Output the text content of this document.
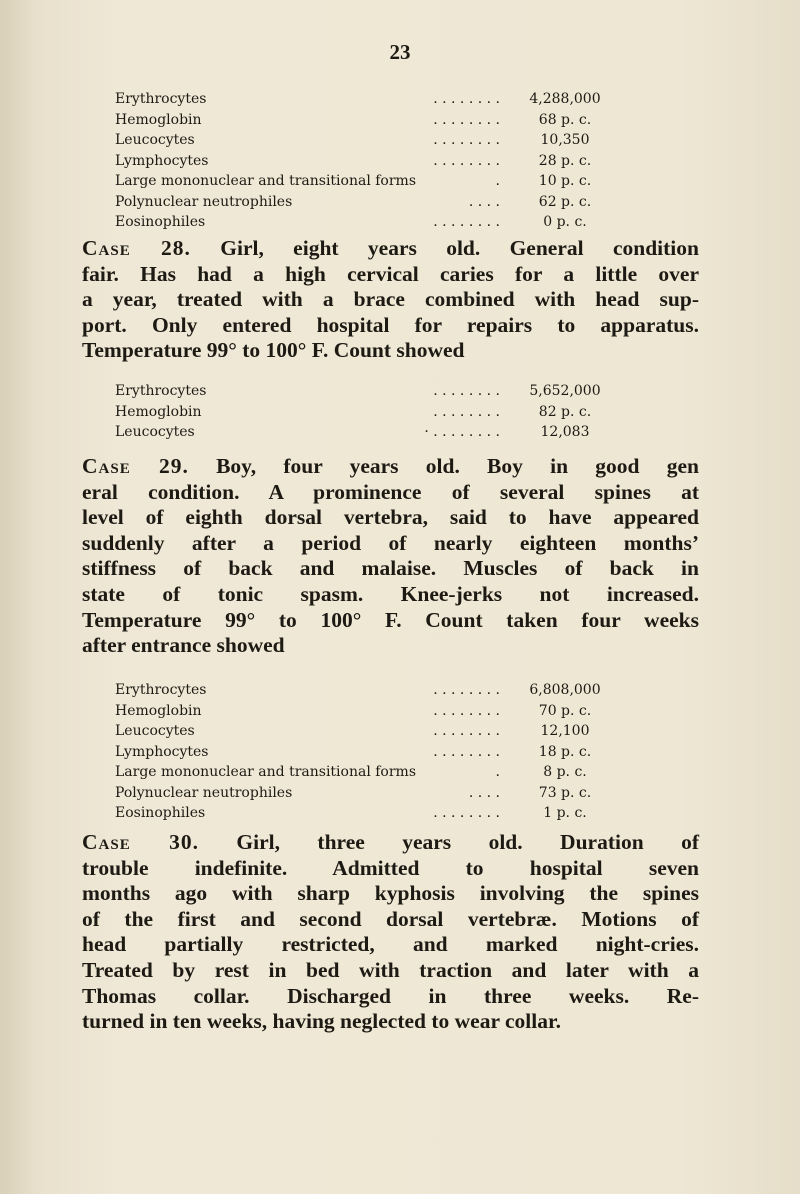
23
Erythrocytes	. . . . . . . .	4,288,000
Hemoglobin	. . . . . . . .	68 p. c.
Leucocytes	. . . . . . . .	10,350
Lymphocytes	. . . . . . . .	28 p. c.
Large mononuclear and transitional forms	.	10 p. c.
Polynuclear neutrophiles	. . . .	62 p. c.
Eosinophiles	. . . . . . . .	0 p. c.
Case 28. Girl, eight years old. General condition
fair. Has had a high cervical caries for a little over
a year, treated with a brace combined with head sup-
port. Only entered hospital for repairs to apparatus.
Temperature 99° to 100° F. Count showed
Erythrocytes	. . . . . . . .	5,652,000
Hemoglobin	. . . . . . . .	82 p. c.
Leucocytes	· . . . . . . . .	12,083
Case 29. Boy, four years old. Boy in good gen
eral condition. A prominence of several spines at
level of eighth dorsal vertebra, said to have appeared
suddenly after a period of nearly eighteen months’
stiffness of back and malaise. Muscles of back in
state of tonic spasm. Knee-jerks not increased.
Temperature 99° to 100° F. Count taken four weeks
after entrance showed
Erythrocytes	. . . . . . . .	6,808,000
Hemoglobin	. . . . . . . .	70 p. c.
Leucocytes	. . . . . . . .	12,100
Lymphocytes	. . . . . . . .	18 p. c.
Large mononuclear and transitional forms	.	8 p. c.
Polynuclear neutrophiles	. . . .	73 p. c.
Eosinophiles	. . . . . . . .	1 p. c.
Case 30. Girl, three years old. Duration of
trouble indefinite. Admitted to hospital seven
months ago with sharp kyphosis involving the spines
of the first and second dorsal vertebræ. Motions of
head partially restricted, and marked night-cries.
Treated by rest in bed with traction and later with a
Thomas collar. Discharged in three weeks. Re-
turned in ten weeks, having neglected to wear collar.
